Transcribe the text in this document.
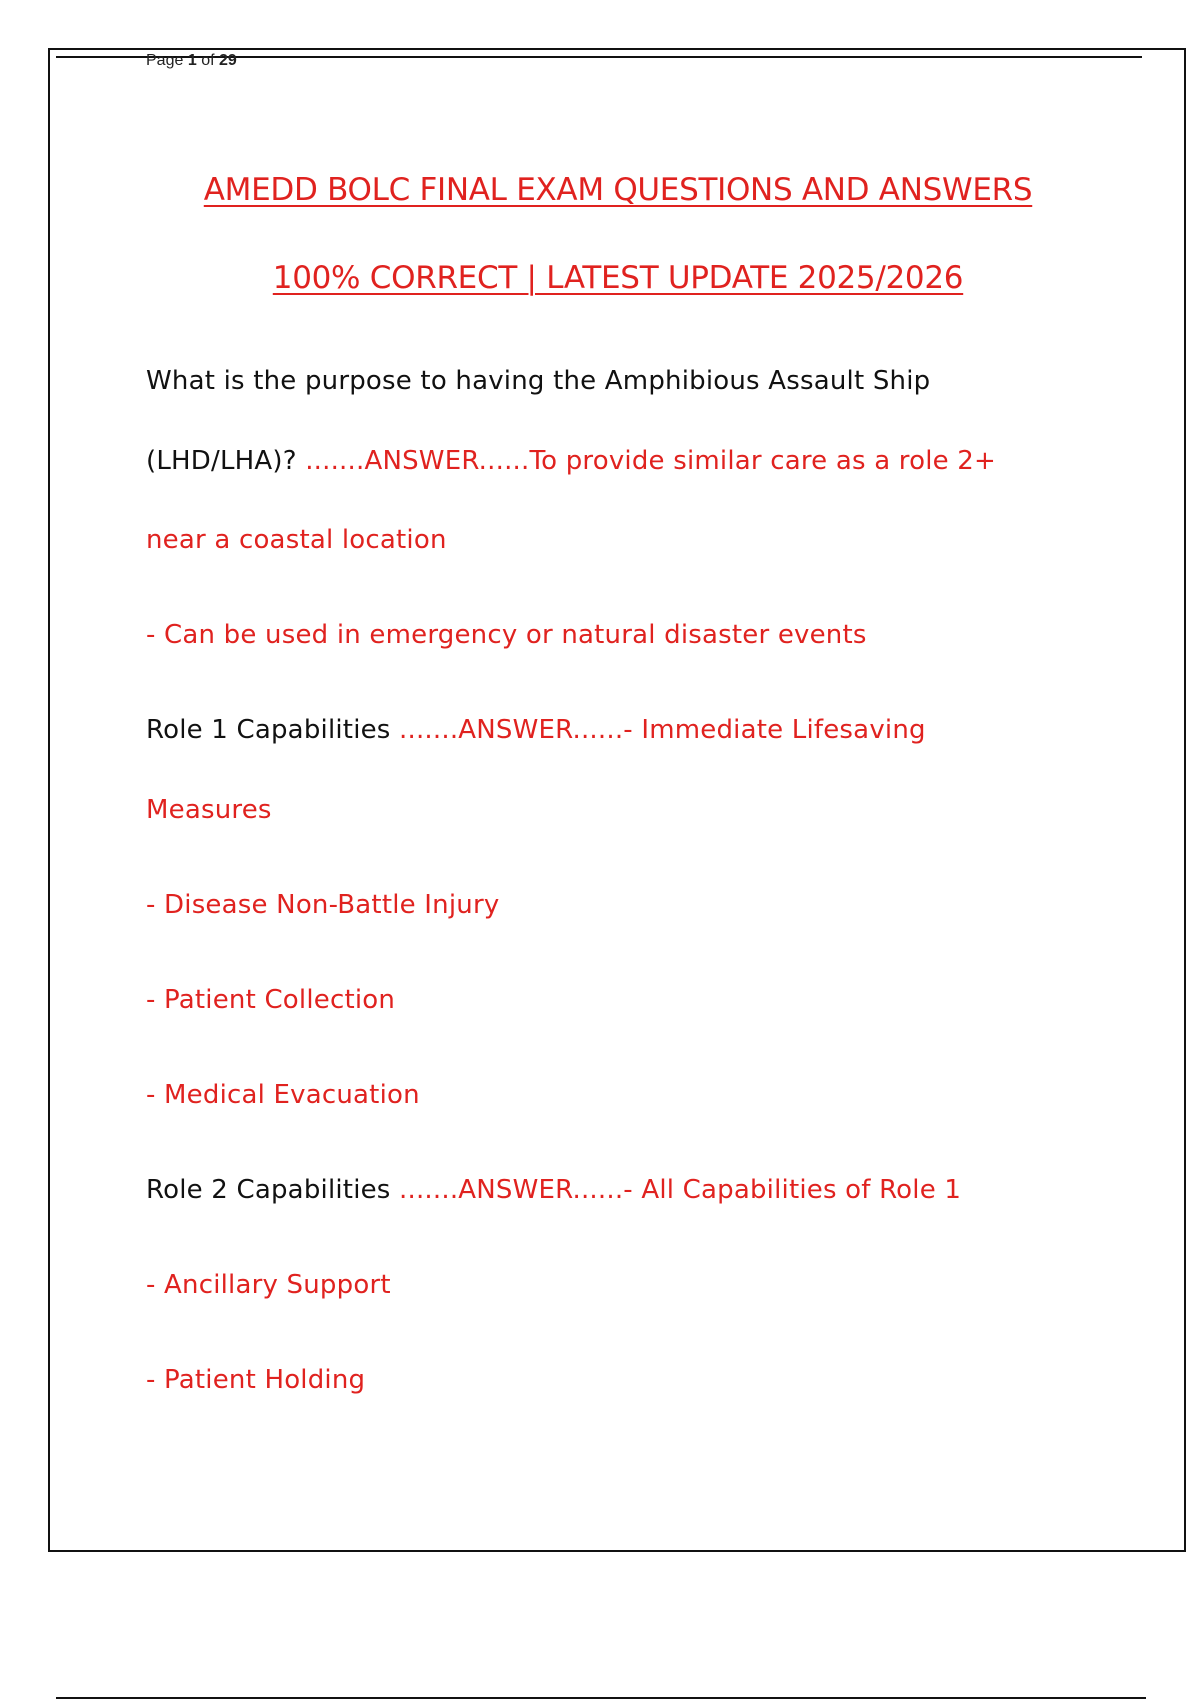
Page 1 of 29
AMEDD BOLC FINAL EXAM QUESTIONS AND ANSWERS
100% CORRECT | LATEST UPDATE 2025/2026
What is the purpose to having the Amphibious Assault Ship
(LHD/LHA)? .......ANSWER......To provide similar care as a role 2+
near a coastal location
- Can be used in emergency or natural disaster events
Role 1 Capabilities .......ANSWER......- Immediate Lifesaving
Measures
- Disease Non-Battle Injury
- Patient Collection
- Medical Evacuation
Role 2 Capabilities .......ANSWER......- All Capabilities of Role 1
- Ancillary Support
- Patient Holding
